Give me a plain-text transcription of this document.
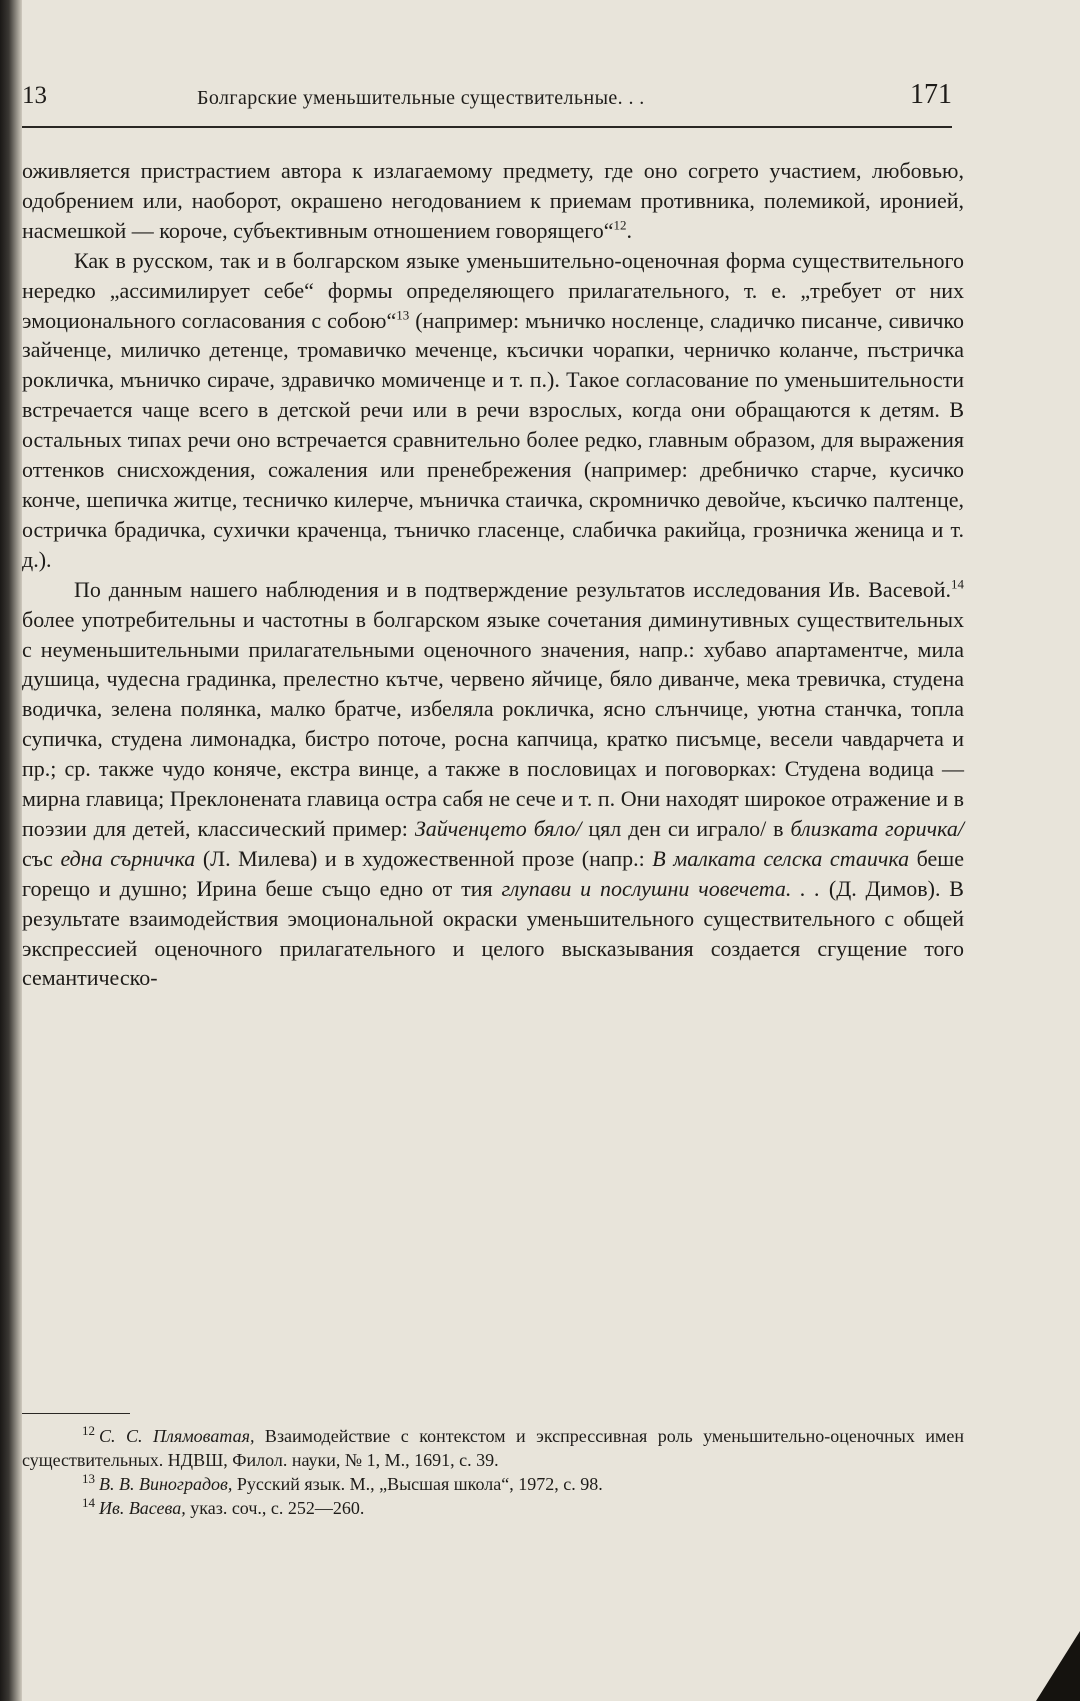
13	Болгарские уменьшительные существительные. . .	171

оживляется пристрастием автора к излагаемому предмету, где оно согрето участием, любовью, одобрением или, наоборот, окрашено негодованием к приемам противника, полемикой, иронией, насмешкой — короче, субъективным отношением говорящего“$^{12}$.

Как в русском, так и в болгарском языке уменьшительно-оценочная форма существительного нередко „ассимилирует себе“ формы определяющего прилагательного, т. е. „требует от них эмоционального согласования с собою“$^{13}$ (например: мъничко носленце, сладичко писанче, сивичко зайченце, миличко детенце, тромавичко меченце, късички чорапки, черничко коланче, пъстричка рокличка, мъничко сираче, здравичко момиченце и т. п.). Такое согласование по уменьшительности встречается чаще всего в детской речи или в речи взрослых, когда они обращаются к детям. В остальных типах речи оно встречается сравнительно более редко, главным образом, для выражения оттенков снисхождения, сожаления или пренебрежения (например: дребничко старче, кусичко конче, шепичка житце, тесничко килерче, мъничка стаичка, скромничко девойче, късичко палтенце, остричка брадичка, сухички краченца, тъничко гласенце, слабичка ракийца, грозничка женица и т. д.).

По данным нашего наблюдения и в подтверждение результатов исследования Ив. Васевой.$^{14}$ более употребительны и частотны в болгарском языке сочетания диминутивных существительных с неуменьшительными прилагательными оценочного значения, напр.: хубаво апартаментче, мила душица, чудесна градинка, прелестно кътче, червено яйчице, бяло диванче, мека тревичка, студена водичка, зелена полянка, малко братче, избеляла рокличка, ясно слънчице, уютна станчка, топла супичка, студена лимонадка, бистро поточе, росна капчица, кратко писъмце, весели чавдарчета и пр.; ср. также чудо коняче, екстра винце, а также в пословицах и поговорках: Студена водица — мирна главица; Преклонената главица остра сабя не сече и т. п. Они находят широкое отражение и в поэзии для детей, классический пример: Зайченцето бяло/ цял ден си играло/ в близката горичка/ със една сърничка (Л. Милева) и в художественной прозе (напр.: В малката селска стаичка беше горещо и душно; Ирина беше също едно от тия глупави и послушни човечета. . . (Д. Димов). В результате взаимодействия эмоциональной окраски уменьшительного существительного с общей экспрессией оценочного прилагательного и целого высказывания создается сгущение того семантическо-

$^{12}$ С. С. Плямоватая, Взаимодействие с контекстом и экспрессивная роль уменьшительно-оценочных имен существительных. НДВШ, Филол. науки, № 1, М., 1691, с. 39.

$^{13}$ В. В. Виноградов, Русский язык. М., „Высшая школа“, 1972, с. 98.

$^{14}$ Ив. Васева, указ. соч., с. 252—260.
